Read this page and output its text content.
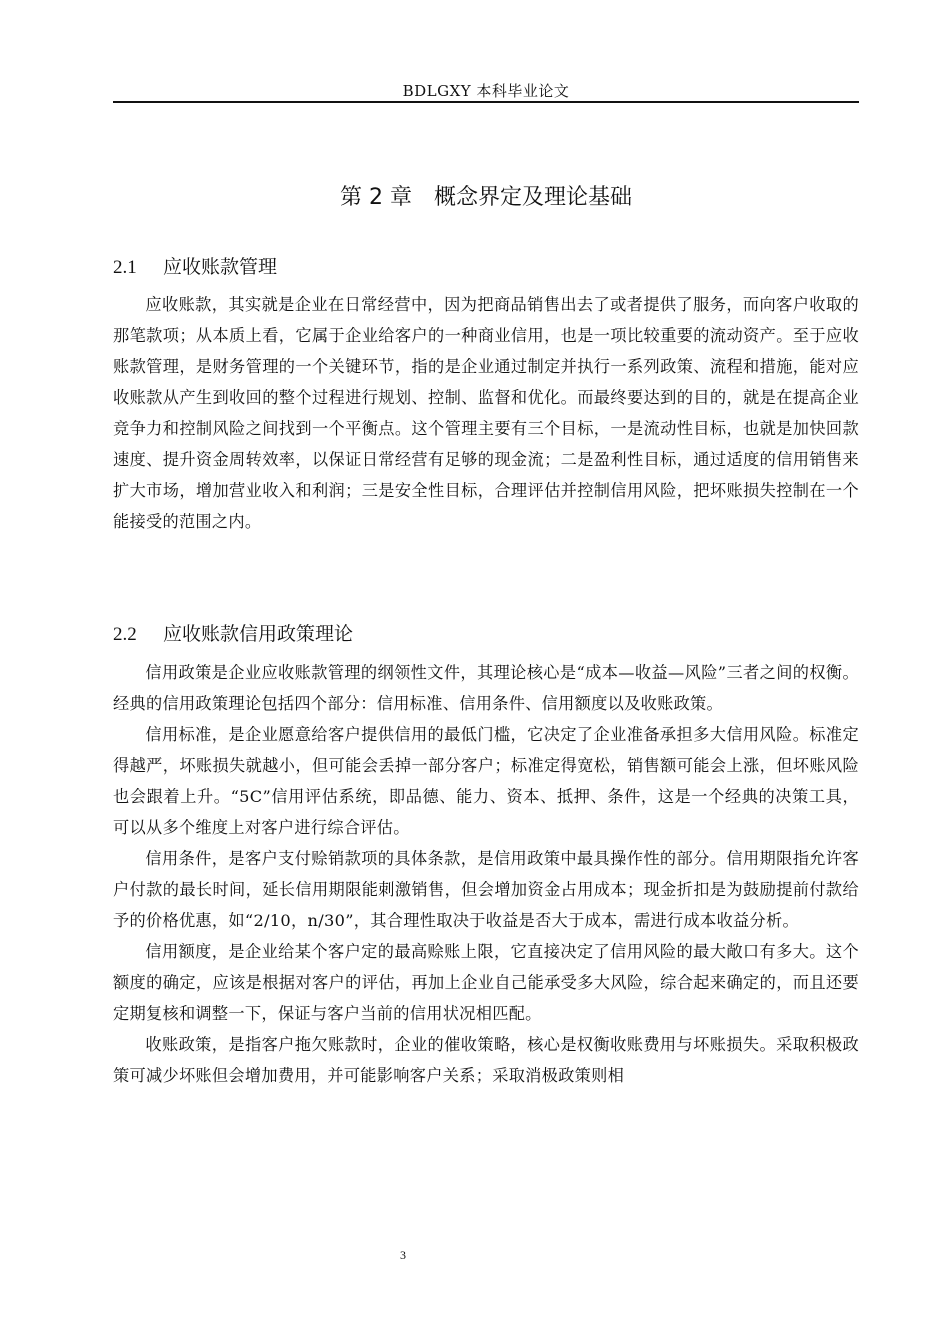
BDLGXY 本科毕业论文
第 2 章 概念界定及理论基础
2.1 应收账款管理

应收账款，其实就是企业在日常经营中，因为把商品销售出去了或者提供了服务，而向客户收取的那笔款项；从本质上看，它属于企业给客户的一种商业信用，也是一项比较重要的流动资产。至于应收账款管理，是财务管理的一个关键环节，指的是企业通过制定并执行一系列政策、流程和措施，能对应收账款从产生到收回的整个过程进行规划、控制、监督和优化。而最终要达到的目的，就是在提高企业竞争力和控制风险之间找到一个平衡点。这个管理主要有三个目标，一是流动性目标，也就是加快回款速度、提升资金周转效率，以保证日常经营有足够的现金流；二是盈利性目标，通过适度的信用销售来扩大市场，增加营业收入和利润；三是安全性目标，合理评估并控制信用风险，把坏账损失控制在一个能接受的范围之内。

2.2 应收账款信用政策理论

信用政策是企业应收账款管理的纲领性文件，其理论核心是“成本—收益—风险”三者之间的权衡。经典的信用政策理论包括四个部分：信用标准、信用条件、信用额度以及收账政策。

信用标准，是企业愿意给客户提供信用的最低门槛，它决定了企业准备承担多大信用风险。标准定得越严，坏账损失就越小，但可能会丢掉一部分客户；标准定得宽松，销售额可能会上涨，但坏账风险也会跟着上升。“5C”信用评估系统，即品德、能力、资本、抵押、条件，这是一个经典的决策工具，可以从多个维度上对客户进行综合评估。

信用条件，是客户支付赊销款项的具体条款，是信用政策中最具操作性的部分。信用期限指允许客户付款的最长时间，延长信用期限能刺激销售，但会增加资金占用成本；现金折扣是为鼓励提前付款给予的价格优惠，如“2/10，n/30”，其合理性取决于收益是否大于成本，需进行成本收益分析。

信用额度，是企业给某个客户定的最高赊账上限，它直接决定了信用风险的最大敞口有多大。这个额度的确定，应该是根据对客户的评估，再加上企业自己能承受多大风险，综合起来确定的，而且还要定期复核和调整一下，保证与客户当前的信用状况相匹配。

收账政策，是指客户拖欠账款时，企业的催收策略，核心是权衡收账费用与坏账损失。采取积极政策可减少坏账但会增加费用，并可能影响客户关系；采取消极政策则相

3
